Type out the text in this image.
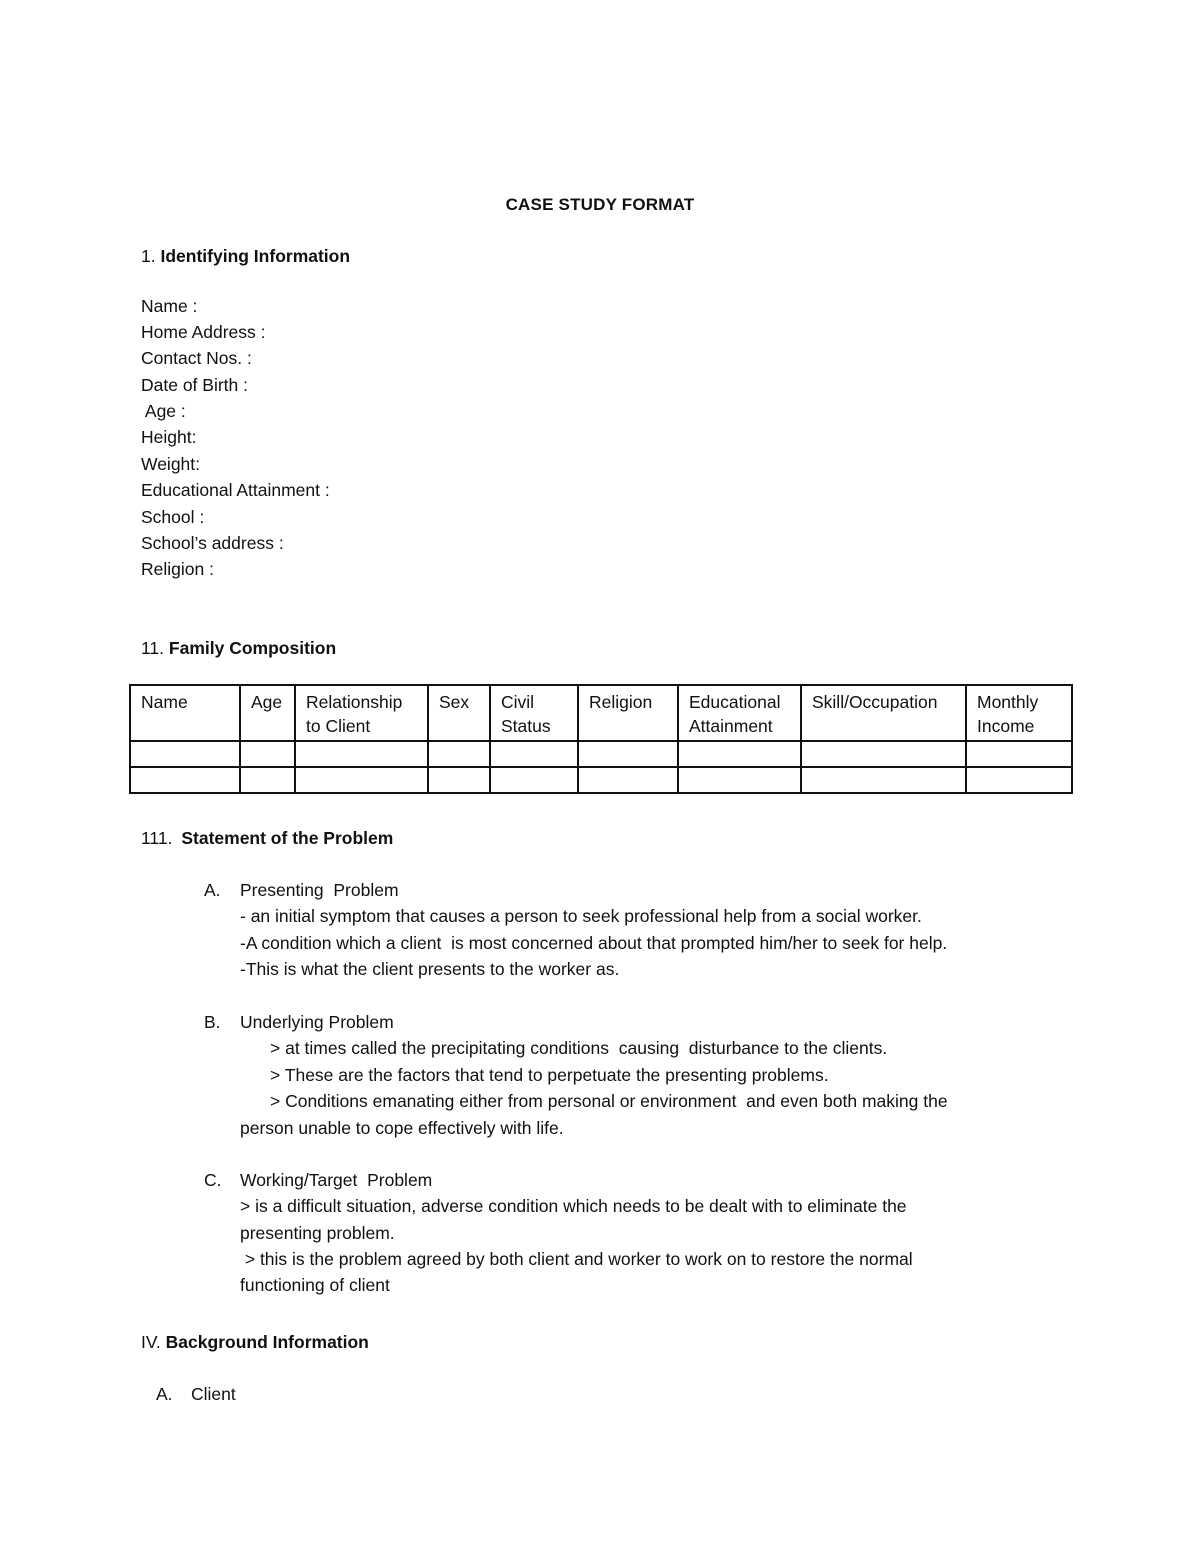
CASE STUDY FORMAT
1. Identifying Information
Name :
Home Address :
Contact Nos. :
Date of Birth :
Age :
Height:
Weight:
Educational Attainment :
School :
School’s address :
Religion :
11. Family Composition
Name	Age	Relationship to Client	Sex	Civil Status	Religion	Educational Attainment	Skill/Occupation	Monthly Income

111. Statement of the Problem
A. Presenting  Problem
- an initial symptom that causes a person to seek professional help from a social worker.
-A condition which a client  is most concerned about that prompted him/her to seek for help.
-This is what the client presents to the worker as.
B. Underlying Problem
> at times called the precipitating conditions  causing  disturbance to the clients.
> These are the factors that tend to perpetuate the presenting problems.
> Conditions emanating either from personal or environment  and even both making the
person unable to cope effectively with life.
C. Working/Target  Problem
> is a difficult situation, adverse condition which needs to be dealt with to eliminate the
presenting problem.
> this is the problem agreed by both client and worker to work on to restore the normal
functioning of client
IV. Background Information
A. Client
